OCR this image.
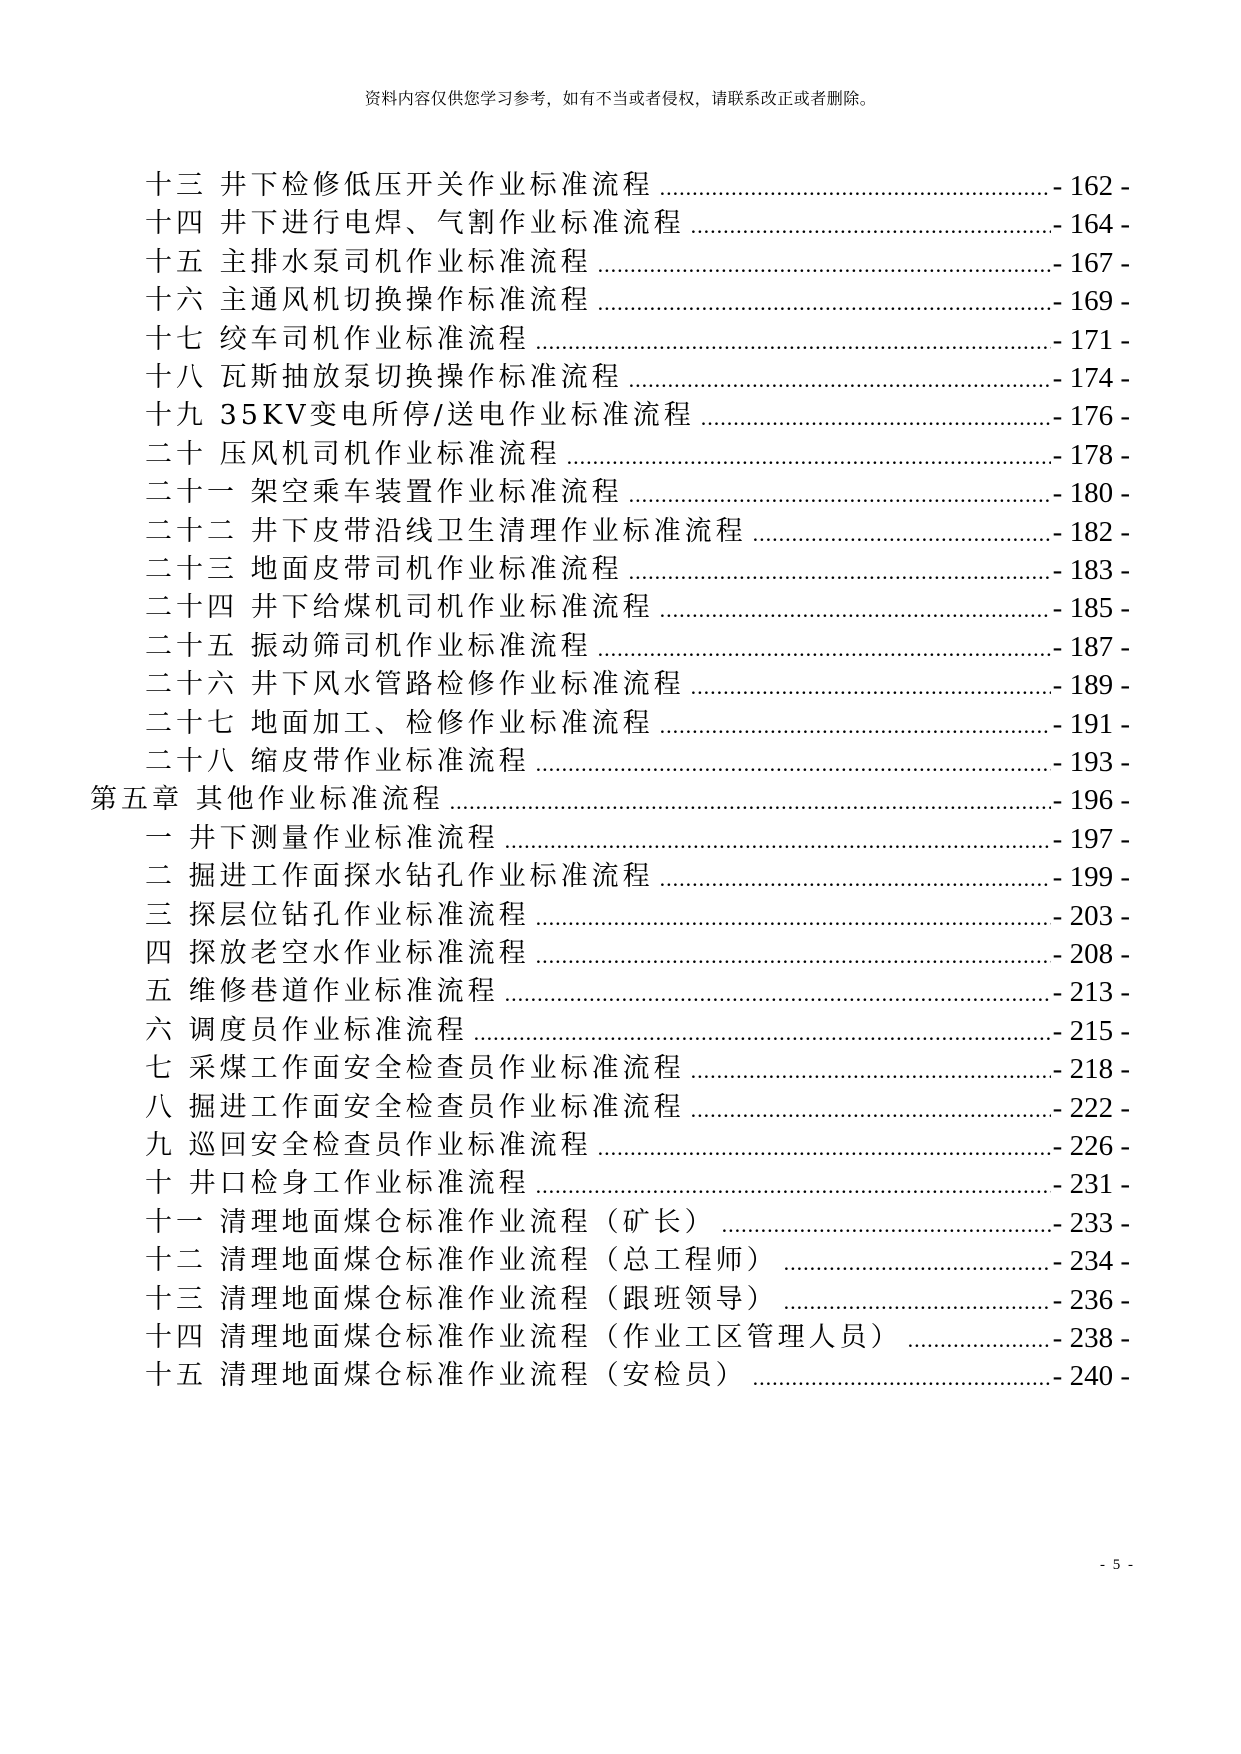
资料内容仅供您学习参考，如有不当或者侵权，请联系改正或者删除。
十三 井下检修低压开关作业标准流程 .....	- 162 -
十四 井下进行电焊、气割作业标准流程 .....	- 164 -
十五 主排水泵司机作业标准流程 .....	- 167 -
十六 主通风机切换操作标准流程 .....	- 169 -
十七 绞车司机作业标准流程 .....	- 171 -
十八 瓦斯抽放泵切换操作标准流程 .....	- 174 -
十九 35KV变电所停/送电作业标准流程 .....	- 176 -
二十 压风机司机作业标准流程 .....	- 178 -
二十一 架空乘车装置作业标准流程 .....	- 180 -
二十二 井下皮带沿线卫生清理作业标准流程 .....	- 182 -
二十三 地面皮带司机作业标准流程 .....	- 183 -
二十四 井下给煤机司机作业标准流程 .....	- 185 -
二十五 振动筛司机作业标准流程 .....	- 187 -
二十六 井下风水管路检修作业标准流程 .....	- 189 -
二十七 地面加工、检修作业标准流程 .....	- 191 -
二十八 缩皮带作业标准流程 .....	- 193 -
第五章 其他作业标准流程 .....	- 196 -
一 井下测量作业标准流程 .....	- 197 -
二 掘进工作面探水钻孔作业标准流程 .....	- 199 -
三 探层位钻孔作业标准流程 .....	- 203 -
四 探放老空水作业标准流程 .....	- 208 -
五 维修巷道作业标准流程 .....	- 213 -
六 调度员作业标准流程 .....	- 215 -
七 采煤工作面安全检查员作业标准流程 .....	- 218 -
八 掘进工作面安全检查员作业标准流程 .....	- 222 -
九 巡回安全检查员作业标准流程 .....	- 226 -
十 井口检身工作业标准流程 .....	- 231 -
十一 清理地面煤仓标准作业流程（矿长） .....	- 233 -
十二 清理地面煤仓标准作业流程（总工程师） .....	- 234 -
十三 清理地面煤仓标准作业流程（跟班领导） .....	- 236 -
十四 清理地面煤仓标准作业流程（作业工区管理人员） .....	- 238 -
十五 清理地面煤仓标准作业流程（安检员） .....	- 240 -
- 5 -
